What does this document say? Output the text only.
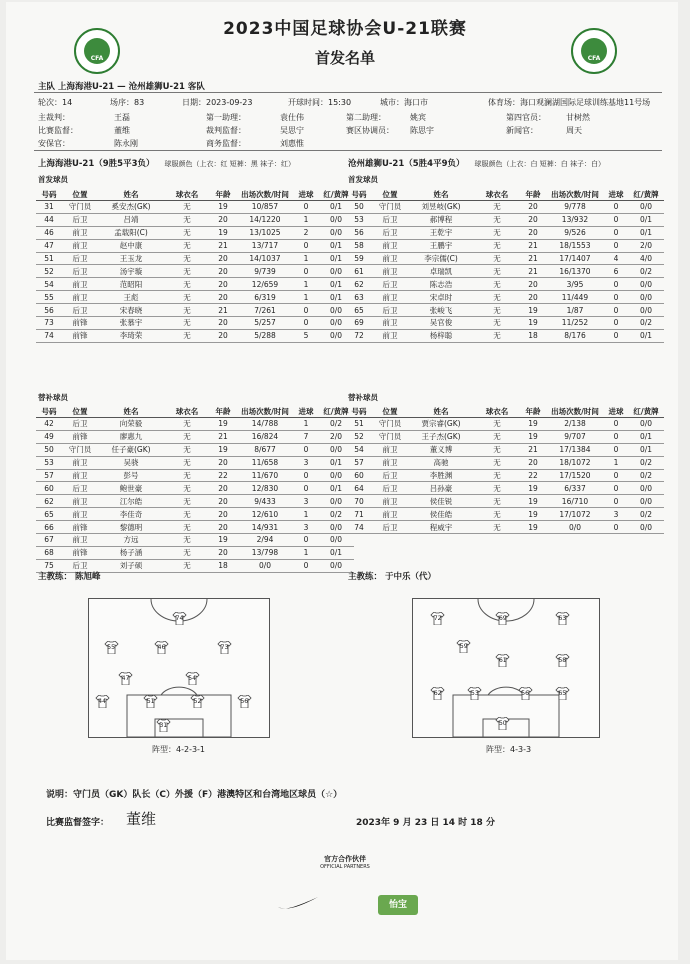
CFA	CFA
2023中国足球协会U-21联赛
首发名单
主队 上海海港U-21 — 沧州雄狮U-21 客队
轮次：14	场序：83	日期：2023-09-23	开球时间：15:30	城市：海口市	体育场：海口观澜湖国际足球训练基地11号场
主裁判：	王磊	第一助理：	袁仕伟	第二助理：	姚宾	第四官员：	甘树然
比赛监督：	董维	裁判监督：	吴思宁	赛区协调员： 陈思宇	新闻官：	周天
安保官：	陈永刚	商务监督：	刘惠惟
上海海港U-21（9胜5平3负） 球服颜色（上衣：红 短裤：黑 袜子：红）	沧州雄狮U-21（5胜4平9负） 球服颜色（上衣：白 短裤：白 袜子：白）
首发球员	首发球员
号码	位置	姓名	球衣名	年龄	出场次数/时间	进球	红/黄牌
31	守门员	奚安杰(GK)	无	19	10/857	0	0/1
44	后卫	吕靖	无	20	14/1220	1	0/0
46	前卫	孟载阳(C)	无	19	13/1025	2	0/0
47	前卫	赵中康	无	21	13/717	0	0/1
51	后卫	王玉龙	无	20	14/1037	1	0/1
52	后卫	汤宇璇	无	20	9/739	0	0/0
54	前卫	范昭阳	无	20	12/659	1	0/1
55	前卫	王彪	无	20	6/319	1	0/1
56	后卫	宋春晓	无	21	7/261	0	0/0
73	前锋	张慕宇	无	20	5/257	0	0/0
74	前锋	李琦荣	无	20	5/288	5	0/0
号码	位置	姓名	球衣名	年龄	出场次数/时间	进球	红/黄牌
50	守门员	刘昱岐(GK)	无	20	9/778	0	0/0
53	后卫	郝博程	无	20	13/932	0	0/1
56	后卫	王乾宇	无	20	9/526	0	0/1
58	前卫	王鹏宇	无	21	18/1553	0	2/0
59	前卫	李宗儒(C)	无	21	17/1407	4	4/0
61	前卫	卓瑞凯	无	21	16/1370	6	0/2
62	后卫	陈志浩	无	20	3/95	0	0/0
63	前卫	宋卓时	无	20	11/449	0	0/0
65	后卫	张峻飞	无	19	1/87	0	0/0
69	前卫	吴官俊	无	19	11/252	0	0/2
72	前卫	杨梓聪	无	18	8/176	0	0/1
替补球员	替补球员
号码	位置	姓名	球衣名	年龄	出场次数/时间	进球	红/黄牌
42	后卫	向荣毅	无	19	14/788	1	0/2
49	前锋	廖惠九	无	21	16/824	7	2/0
50	守门员	任子豪(GK)	无	19	8/677	0	0/0
53	前卫	吴骁	无	20	11/658	3	0/1
57	前卫	彭号	无	22	11/670	0	0/0
60	后卫	鲍世豪	无	20	12/830	0	0/1
62	前卫	江尔皓	无	20	9/433	3	0/0
65	前卫	李佳奇	无	20	12/610	1	0/2
66	前锋	黎德明	无	20	14/931	3	0/0
67	前卫	方远	无	19	2/94	0	0/0
68	前锋	杨子涵	无	20	13/798	1	0/1
75	后卫	刘子硕	无	18	0/0	0	0/0
号码	位置	姓名	球衣名	年龄	出场次数/时间	进球	红/黄牌
51	守门员	贾宗睿(GK)	无	19	2/138	0	0/0
52	守门员	王子杰(GK)	无	19	9/707	0	0/1
54	前卫	董义博	无	21	17/1384	0	0/1
57	前卫	高驰	无	20	18/1072	1	0/2
60	后卫	李胜渊	无	22	17/1520	0	0/2
64	后卫	吕孙豪	无	19	6/337	0	0/0
70	前卫	侯佳锐	无	19	16/710	0	0/0
71	前卫	侯佳皓	无	19	17/1072	3	0/2
74	后卫	程威宇	无	19	0/0	0	0/0
主教练： 陈旭峰	主教练： 于中乐（代）
74
55	46	73
47	54
44	51	52	56
31
阵型：4-2-3-1
72	69	63
59
61	58
62	53	56	65
50
阵型：4-3-3
说明：守门员（GK）队长（C）外援（F）港澳特区和台湾地区球员（☆）
比赛监督签字： 董维	2023年 9 月 23 日 14 时 18 分
官方合作伙伴
OFFICIAL PARTNERS
怡宝
